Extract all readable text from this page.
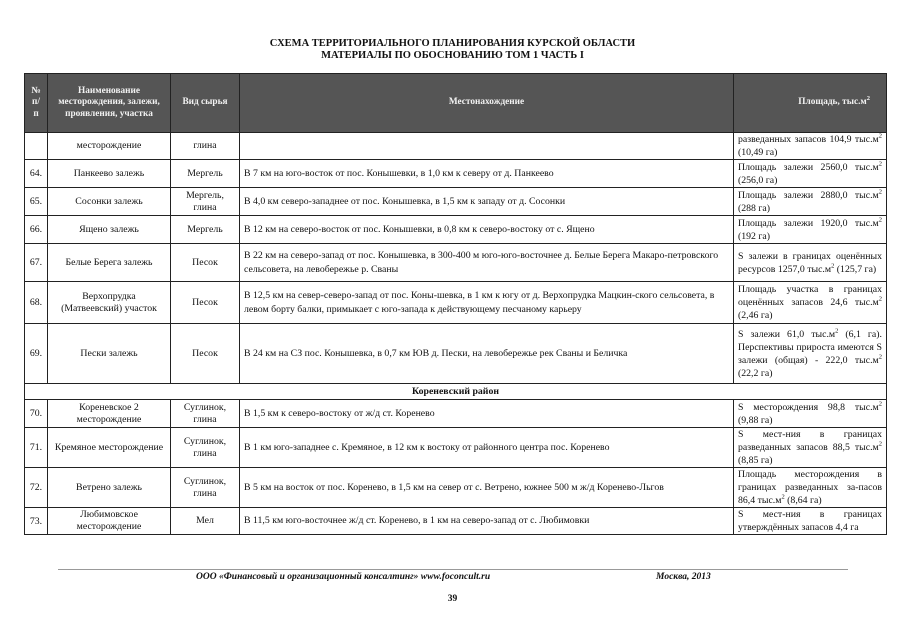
СХЕМА ТЕРРИТОРИАЛЬНОГО ПЛАНИРОВАНИЯ КУРСКОЙ ОБЛАСТИ
МАТЕРИАЛЫ ПО ОБОСНОВАНИЮ ТОМ 1 ЧАСТЬ I
№ п/ п	Наименование месторождения, залежи, проявления, участка	Вид сырья	Местонахождение	Площадь, $тыс.м^2$
	месторождение	глина		разведанных запасов 104,9 $тыс.м^2$ (10,49 га)
64.	Панкеево залежь	Мергель	В 7 км на юго-восток от пос. Конышевки, в 1,0 км к северу от д. Панкеево	Площадь залежи 2560,0 $тыс.м^2$ (256,0 га)
65.	Сосонки залежь	Мергель, глина	В 4,0 км северо-западнее от пос. Конышевка, в 1,5 км к западу от д. Сосонки	Площадь залежи 2880,0 $тыс.м^2$ (288 га)
66.	Ящено залежь	Мергель	В 12 км на северо-восток от пос. Конышевки, в 0,8 км к северо-востоку от с. Ящено	Площадь залежи 1920,0 $тыс.м^2$ (192 га)
67.	Белые Берега залежь	Песок	В 22 км на северо-запад от пос. Конышевка, в 300-400 м юго-юго-восточнее д. Белые Берега Макаро-петровского сельсовета, на левобережье р. Сваны	S залежи в границах оценённых ресурсов 1257,0 $тыс.м^2$ (125,7 га)
68.	Верхопрудка (Матвеевский) участок	Песок	В 12,5 км на север-северо-запад от пос. Коны-шевка, в 1 км к югу от д. Верхопрудка Мацкин-ского сельсовета, в левом борту балки, примыкает с юго-запада к действующему песчаному карьеру	Площадь участка в границах оценённых запасов 24,6 $тыс.м^2$ (2,46 га)
69.	Пески залежь	Песок	В 24 км на СЗ пос. Конышевка, в 0,7 км ЮВ д. Пески, на левобережье рек Сваны и Беличка	S залежи 61,0 $тыс.м^2$ (6,1 га). Перспективы прироста имеются S залежи (общая) - 222,0 $тыс.м^2$ (22,2 га)
Кореневский район				
70.	Кореневское 2 месторождение	Суглинок, глина	В 1,5 км к северо-востоку от ж/д ст. Коренево	S месторождения 98,8 $тыс.м^2$ (9,88 га)
71.	Кремяное месторождение	Суглинок, глина	В 1 км юго-западнее с. Кремяное, в 12 км к востоку от районного центра пос. Коренево	S мест-ния в границах разведанных запасов 88,5 $тыс.м^2$ (8,85 га)
72.	Ветрено залежь	Суглинок, глина	В 5 км на восток от пос. Коренево, в 1,5 км на север от с. Ветрено, южнее 500 м ж/д Коренево-Льгов	Площадь месторождения в границах разведанных за-пасов 86,4 $тыс.м^2$ (8,64 га)
73.	Любимовское месторождение	Мел	В 11,5 км юго-восточнее ж/д ст. Коренево, в 1 км на северо-запад от с. Любимовки	S мест-ния в границах утверждённых запасов 4,4 га
ООО «Финансовый и организационный консалтинг» www.foconcult.ru	Москва, 2013
39
